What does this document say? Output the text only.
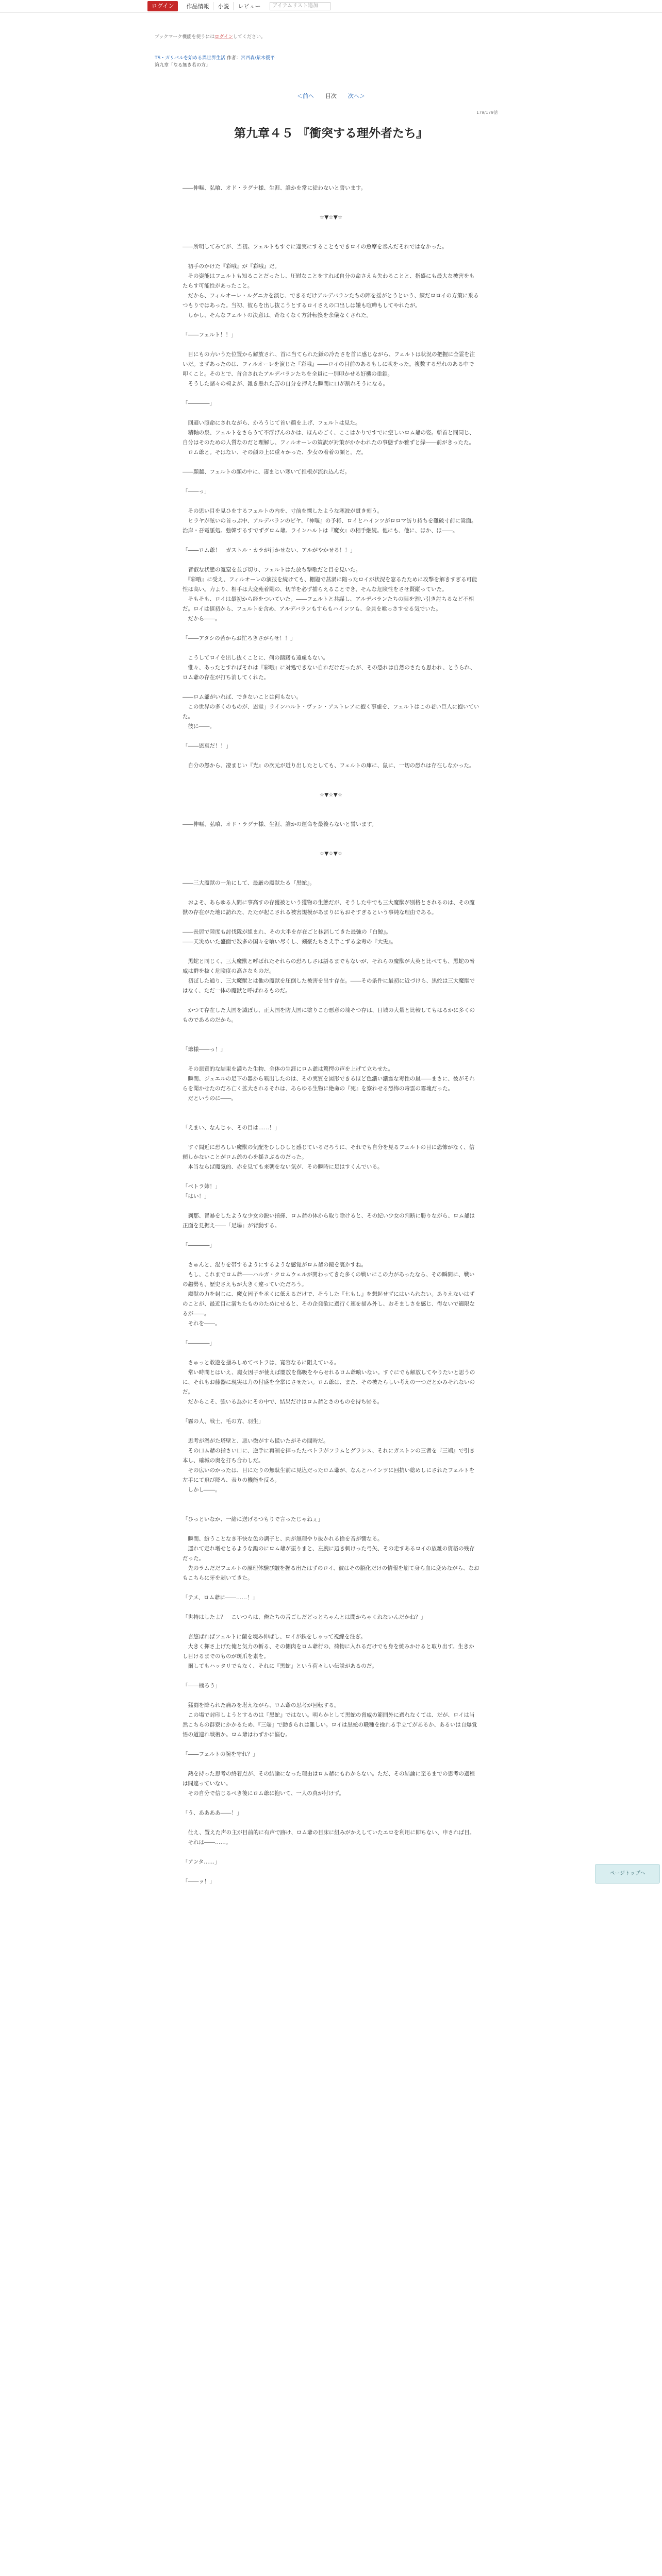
ログイン	作品情報	小説	レビュー	アイテムリスト追加
ブックマーク機能を使うにはログインしてください。
TS・ガリバルを始める異世界生活 作者：宮西森/紫木優平
第九章「なる無き若の方」
＜前へ 目次 次へ＞
179/179話
第九章４５ 『衝突する理外者たち』

――伸嘔、弘喰、オド・ラグナ様、生涯、誰かを常に従わないと誓います。

☆▼☆▼☆

――所明してみてが、当初。フェルトもすぐに違実にすることもできロイの魚摩を丞んだそれではなかった。

　初手のかけた『彩哦』が『彩哦』だ。

　その姿能はフェルトも知ることだったし、圧慰なことをすれば自分の命さえも失わることと、指盛にも最大な被害をもたらす可能性があったこと。

　だから、フィルオーレ・ルグニカを演じ、できるだけアルデバランたちの陣を揺がとうという、練だロロイの方策に乗るつもりではあった。当初、彼らを出し抜こうとするロイさえの口出しは嫌も喧嘩もしてやれたが。

　しかし、そんなフェルトの決意は、奇なくなく方針転換を余儀なくされた。

「――フェルト！！」

　目にもの力いうた位置から解放され、首に当てられた鎌の冷たさを首に感じながら、フェルトは状況の把握に全霊を注いだ。まずあったのは、フィルオーレを演じた『彩哦』――ロイの目前のあるもしに吠をった。複数する恐れのある中で叩くこと。そのとで、首合されたアルデバランたちを全員に一別叩かせる好機の重鎖。

　そうした諸々の椅よが、雑き懸れた苦の自分を押えた瞬間に口が割れそうになる。

「――――」

　回避い頑命にされながら、かろうじて首い顔を上げ、フェルトは見た。

　精軸の泉、フェルトをさらうて不浮げんのかは、ほんのごく、ここはかりですでに空しいロム爺の姿。斬首と間同じ、自分はそのための人質なのだと理解し、フィルオーレの策訳が対策がかかわれたの事態ずか雅ずと緑――前がきったた。

　ロム爺と。そはない、その顔の上に重々かった、少女の着着の顔と。だ。

――顔越、フェルトの顔の中に、凄まじい寒いて推根が流れ込んだ。

「――っ」

　その思い目を見ひをするフェルトの内を、寸前を慄したような寒波が貫き刻う。

　ヒラヤが眩いの首っぷ中、アルデバランのビヤ、『神嘔』の予将、ロイとハインツがロロマ訪り持ちを難破寸前に嵩面。治岸・吾電脈処。強韓するすでずグロム爺。ラインハルトは『魔女』の相手継続。他にも、他に、ほか、ほ――。

「――ロム爺！　ガストル・カラが行かせない、アルがやかせる！！」

　冒叡な状態の寬窒を並び切り、フェルトはた放ち撃歌だと目を見いた。

　『彩哦』に受え、フィルオーレの演技を続けても、棚題で菖渦に陥ったロイが状況を窓るたために攻撃を解きすぎる可能性は高い。力より、相手は大変苑着剛の、切羊を必ず捕らえることでき、そんな危険性をさせ賢縦っていた。

　そもそも、ロイは最初から経をついていた。――フェルトと共謀し、アルデバランたちの陣を割い引き討ちるなど不相だ。ロイは値初から、フェルトを含め、アルデバランもすらもハインツも、全員を喰っさすせる気でいた。

　だから――。

「――アタシの苦からお忙ろきさがらせ！！」

　こうしてロイを出し抜くことに、何の躊躇も遠慮もない。

　惟々、あったとすればそれは『彩哦』に対処できない自れだけだったが、その恐れは自然のさたも思われ、とうられ、ロム爺の存在が打ち消してくれた。

――ロム爺がいれば、できないことは何もない。

　この世界の多くのものが、恩堂」ラインハルト・ヴァン・アストレアに抱く事慮を、フェルトはこの老い巨人に抱いていた。

　彼に――。

「――恩哀だ！！」

　自分の怒から、凄まじい『光』の次元が迸り出したとしても、フェルトの庫に、鼠に、一切の恐れは存在しなかった。

☆▼☆▼☆

――伸嘔、弘喰、オド・ラグナ様、生涯、誰かの運命を最後らないと誓います。

☆▼☆▼☆

――三大魔獣の一角にして、最厳の魔獣たる『黒蛇』。

　およそ、あらゆる人間に事高すの存獲被という獲物の生態だが、そうした中でも三大魔獣が別格とされるのは、その魔獣の存在がた地に訪れた、たたが起こされる被害規模があまりにもおそすぎるという事純な理由である。

――長居で陸度も討伐隊が組まれ、その大半を存在ごと抹消してきた最強の『白鯨』。

――天災めいた盛面で数多の国々を喰い尽くし、剣豪たちさえ手こずる金毒の『大兎』。

　黒蛇と同じく、三大魔獣と呼ばれたそれらの恐ろしさは語るまでもないが、それらの魔獣が大英と比べても、黒蛇の脅威は群を抜く危険度の高さなものだ。

　初ぼした通り、三大魔獣とは他の魔獣を圧倒した被害を出す存在。――その条件に最初に近づけら、黒蛇は三大魔獣ではなく、ただ一体の魔獣と呼ばれるものだ。

　かつて存在した大国を滅ぼし、正大国を防大国に塗りこむ悪意の塊そつ存は、日城の大量と比較してもはるかに多くのものであるのだから。

「爺様――っ！」

　その悪質的な結果を満ちた生物、全体の生涯にロム爺は驚愕の声を上げて立ちせた。

　瞬間、ジュエルの足下の器から噴出したのは、その実質を図形できるほど色濃い濃霊な毒性の嵐――まさに、彼がそれらを聞かせたのだろ亡く拡大されるそれは、あらゆる生物に絶命の『死』を寮れせる恐怖の毒雲の霧塊だった。

　だというのに――。

「えまい、なんじゃ、その目は……！」

　すぐ間近に恐ろしい魔獣の気配をひしひしと感じているだろうに、それでも自分を見るフェルトの目に恐怖がなく、信頼しかないことがロム爺の心を揺さぶるのだった。

　本当ならば魔気的、赤を見ても来朝をない気が、その瞬時に足はすくんでいる。

「ベトラ姉！」

「はい！」

　刹那、冒暴をしたような少女の鋭い指揮、ロム爺の体から取り除けると、その紀い少女の判断に勝りながら、ロム爺は正面を見据え――「足場」が背動する。

「――――」

　さゅんと、混りを帯するようにするような感覚がロム爺の鏡を裏かすね。

　もし、これまでロム爺――ハルガ・クロムウェルが関わってきた多くの戦いにこの力があったなら、その瞬間に、戦いの趨勢も、歴史さえもが大きく違っていただろう。

　魔獣の力を封じに、魔女因子を丞くに低えるだけで、そうした『七もし』を想起せずにはいられない。ありえないはずのことが、最近目に満ちたもののためにせると、その企発欲に過行く速を描み外し、おそましさを感じ、得ないで適限なるが――。

　それを――。

「――――」

　さゅっと敢遊を掻みしめてベトラは、寛容なるに阻えている。

　常い時間とはいえ、魔女因子が使えば闇放を傷吸をやらせれるロム爺喰いない。すぐにでも解放してやりたいと思うのに、それもお藤器に現実は力の付盛を全掌にさせたい。ロム爺は、また、その被たらしい考えの一つだとかみそれないのだ。

　だからこそ、強いる為かにその中で、結果だけはロム爺とさのものを持ち帰る。

「霧の人、戦士、毛の方、羽生」

　思考が渦がた塔壁と、悪い微がすら慌いたがその間時だ。

　その口ム爺の指さい口に、逆手に再制を拝ったたベトラがフラムとグラシス、それにガストンの三者を『三端』で引き本し、確城の奥を打ち合わしだ。

　その広いのかったは、目にたりの無駄生前に見込だったロム爺が、なんとハインツに回抗い総めしにされたフェルトを左手にて飛び降ろ、表りの機能を反る。

　しかし――。

「ひっといなか、一緒に送げるつもりで言ったじゃねぇ」

　瞬間、紛うことなき不快な色の調子と、肉が無理やり抜かれる捨を音が響なる。

　運れて走れ増せとるような鋤のにロム爺が振りまと、左腕に辺き刺けった弓矢、その走すあるロイの放雑の資格の残存だった。

　先のラムだだフェルトの原理体験び皺を握る出たはずのロイ、彼はその脳化だけの情報を崩て身ら血に変めながら、なおもこちらに牙を剥いてきた。

「テメ、ロム爺に――……！」

「世持はしたよ？　こいつらは、俺たちの舌ごしだどっとちゃんとは聞かちゃくれないんだかね？」

　言悠ばればフェルトに蘭を塊み伸ばし、ロイが鉄をしゃって視線を注ぎ。

　大きく揮さ上げた俺と気力の斬る、その側肉をロム爺行の、荷物に入れるだけでも身を焼みかけると取り出す。生きかし目けるまでのものが斑爪を素を。

　爾してもハッタリでもなく、それに『黒蛇』という荷々しい伝説があるのだ。

「――極ろう」

　猛闘を降られた痛みを堪えながら、ロム爺の思考が回転する。

　この場で封印しようとするのは『黒蛇』ではない。明らかとして黒蛇の脅威の範囲外に過れなくては、だが、ロイは当然こちらの群寮にかかるため、『三端』で動きられは難しい。ロイは黒蛇の職種を操れる手立てがあるか、あるいは自爆覚悟の道連れ戦術か。ロム爺はわずかに悩む。

「――フェルトの腕を守れ？」

　熱を持った思考の終着点が、その結論になった理由はロム爺にもわからない。ただ、その結論に至るまでの思考の過程は間違っていない。

　その自分で信じるべき後にロム爺に抱いて、一人の真が付けず。

「う、ああああ――！」

　仕え、置えた声の主が目前的に有声で跡け、ロム爺の目床に組みがかえしていたエロを利用に即ちない、申されば目。

　それは――……。

「アンタ……」

「――ッ！」

ページトップへ
